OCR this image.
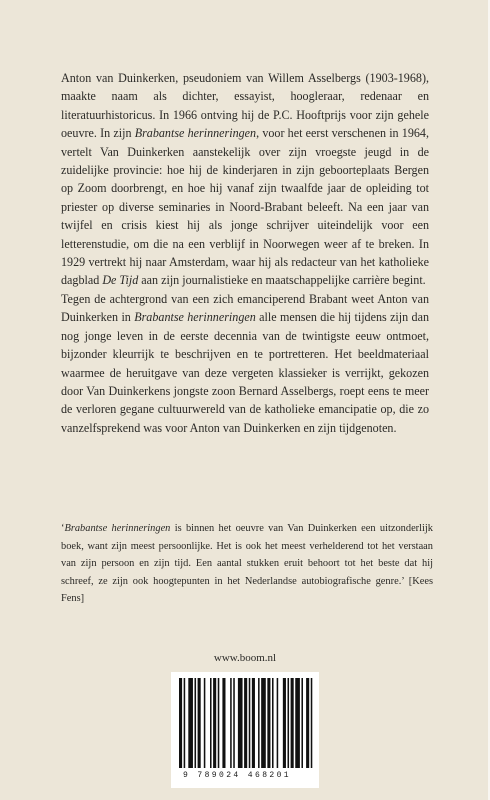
Anton van Duinkerken, pseudoniem van Willem Asselbergs (1903-1968), maakte naam als dichter, essayist, hoogleraar, redenaar en literatuurhistoricus. In 1966 ontving hij de P.C. Hooftprijs voor zijn gehele oeuvre. In zijn Brabantse herinneringen, voor het eerst verschenen in 1964, vertelt Van Duinkerken aanstekelijk over zijn vroegste jeugd in de zuidelijke provincie: hoe hij de kinderjaren in zijn geboorteplaats Bergen op Zoom doorbrengt, en hoe hij vanaf zijn twaalfde jaar de opleiding tot priester op diverse seminaries in Noord-Brabant beleeft. Na een jaar van twijfel en crisis kiest hij als jonge schrijver uiteindelijk voor een letterenstudie, om die na een verblijf in Noorwegen weer af te breken. In 1929 vertrekt hij naar Amsterdam, waar hij als redacteur van het katholieke dagblad De Tijd aan zijn journalistieke en maatschappelijke carrière begint.

Tegen de achtergrond van een zich emanciperend Brabant weet Anton van Duinkerken in Brabantse herinneringen alle mensen die hij tijdens zijn dan nog jonge leven in de eerste decennia van de twintigste eeuw ontmoet, bijzonder kleurrijk te beschrijven en te portretteren. Het beeldmateriaal waarmee de heruitgave van deze vergeten klassieker is verrijkt, gekozen door Van Duinkerkens jongste zoon Bernard Asselbergs, roept eens te meer de verloren gegane cultuurwereld van de katholieke emancipatie op, die zo vanzelfsprekend was voor Anton van Duinkerken en zijn tijdgenoten.

‘Brabantse herinneringen is binnen het oeuvre van Van Duinkerken een uitzonderlijk boek, want zijn meest persoonlijke. Het is ook het meest verhelderend tot het verstaan van zijn persoon en zijn tijd. Een aantal stukken eruit behoort tot het beste dat hij schreef, ze zijn ook hoogtepunten in het Nederlandse autobiografische genre.’ [Kees Fens]

www.boom.nl
9 789024 468201
